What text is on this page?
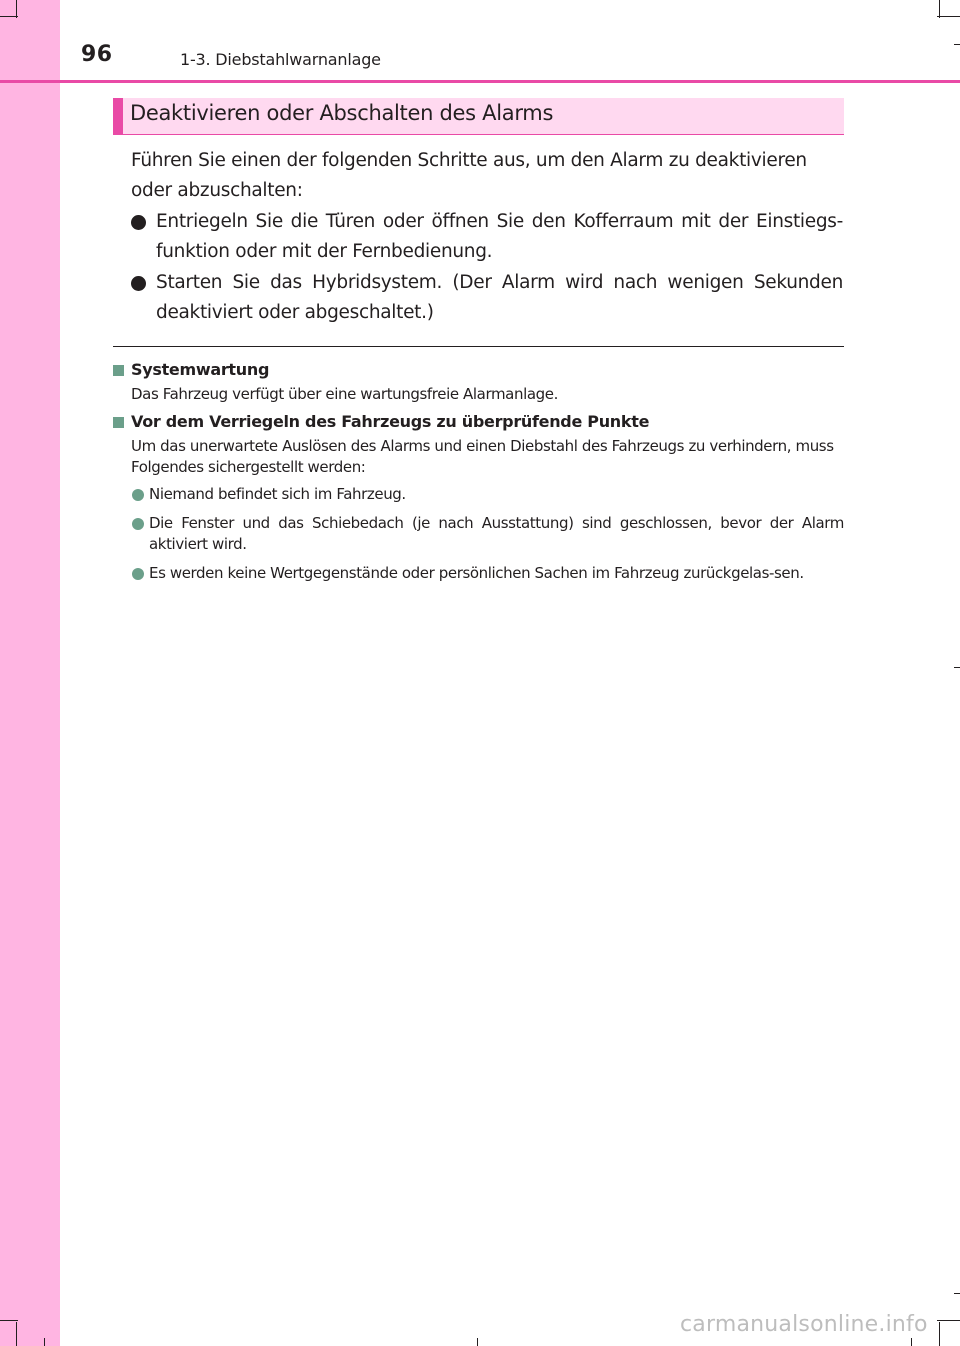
96	1-3. Diebstahlwarnanlage
Deaktivieren oder Abschalten des Alarms

Führen Sie einen der folgenden Schritte aus, um den Alarm zu deaktivieren oder abzuschalten:

Entriegeln Sie die Türen oder öffnen Sie den Kofferraum mit der Einstiegs-funktion oder mit der Fernbedienung.
Starten Sie das Hybridsystem. (Der Alarm wird nach wenigen Sekunden deaktiviert oder abgeschaltet.)
Systemwartung
Das Fahrzeug verfügt über eine wartungsfreie Alarmanlage.
Vor dem Verriegeln des Fahrzeugs zu überprüfende Punkte
Um das unerwartete Auslösen des Alarms und einen Diebstahl des Fahrzeugs zu verhindern, muss Folgendes sichergestellt werden:
Niemand befindet sich im Fahrzeug.
Die Fenster und das Schiebedach (je nach Ausstattung) sind geschlossen, bevor der Alarm aktiviert wird.
Es werden keine Wertgegenstände oder persönlichen Sachen im Fahrzeug zurückgelas-sen.
carmanualsonline.info
